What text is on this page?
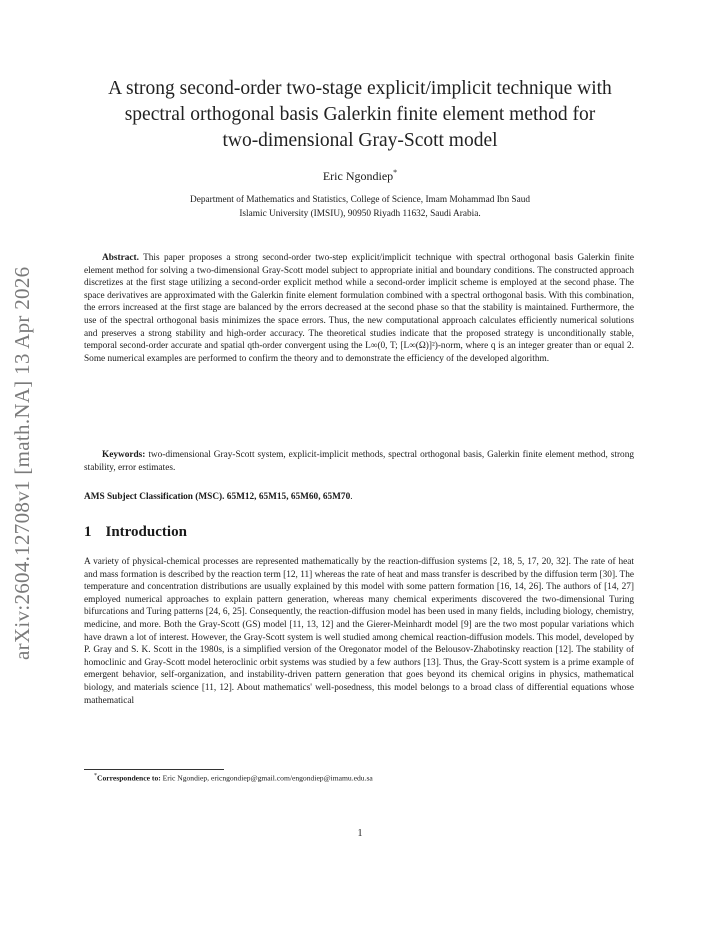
arXiv:2604.12708v1 [math.NA] 13 Apr 2026
A strong second-order two-stage explicit/implicit technique with
spectral orthogonal basis Galerkin finite element method for
two-dimensional Gray-Scott model
Eric Ngondiep*
Department of Mathematics and Statistics, College of Science, Imam Mohammad Ibn Saud
Islamic University (IMSIU), 90950 Riyadh 11632, Saudi Arabia.
Abstract. This paper proposes a strong second-order two-step explicit/implicit technique with spectral orthogonal basis Galerkin finite element method for solving a two-dimensional Gray-Scott model subject to appropriate initial and boundary conditions. The constructed approach discretizes at the first stage utilizing a second-order explicit method while a second-order implicit scheme is employed at the second phase. The space derivatives are approximated with the Galerkin finite element formulation combined with a spectral orthogonal basis. With this combination, the errors increased at the first stage are balanced by the errors decreased at the second phase so that the stability is maintained. Furthermore, the use of the spectral orthogonal basis minimizes the space errors. Thus, the new computational approach calculates efficiently numerical solutions and preserves a strong stability and high-order accuracy. The theoretical studies indicate that the proposed strategy is unconditionally stable, temporal second-order accurate and spatial qth-order convergent using the L∞(0, T; [L∞(Ω)]²)-norm, where q is an integer greater than or equal 2. Some numerical examples are performed to confirm the theory and to demonstrate the efficiency of the developed algorithm.
Keywords: two-dimensional Gray-Scott system, explicit-implicit methods, spectral orthogonal basis, Galerkin finite element method, strong stability, error estimates.
AMS Subject Classification (MSC). 65M12, 65M15, 65M60, 65M70.
1 Introduction
A variety of physical-chemical processes are represented mathematically by the reaction-diffusion systems [2, 18, 5, 17, 20, 32]. The rate of heat and mass formation is described by the reaction term [12, 11] whereas the rate of heat and mass transfer is described by the diffusion term [30]. The temperature and concentration distributions are usually explained by this model with some pattern formation [16, 14, 26]. The authors of [14, 27] employed numerical approaches to explain pattern generation, whereas many chemical experiments discovered the two-dimensional Turing bifurcations and Turing patterns [24, 6, 25]. Consequently, the reaction-diffusion model has been used in many fields, including biology, chemistry, medicine, and more. Both the Gray-Scott (GS) model [11, 13, 12] and the Gierer-Meinhardt model [9] are the two most popular variations which have drawn a lot of interest. However, the Gray-Scott system is well studied among chemical reaction-diffusion models. This model, developed by P. Gray and S. K. Scott in the 1980s, is a simplified version of the Oregonator model of the Belousov-Zhabotinsky reaction [12]. The stability of homoclinic and Gray-Scott model heteroclinic orbit systems was studied by a few authors [13]. Thus, the Gray-Scott system is a prime example of emergent behavior, self-organization, and instability-driven pattern generation that goes beyond its chemical origins in physics, mathematical biology, and materials science [11, 12]. About mathematics' well-posedness, this model belongs to a broad class of differential equations whose mathematical
*Correspondence to: Eric Ngondiep, ericngondiep@gmail.com/engondiep@imamu.edu.sa
1
